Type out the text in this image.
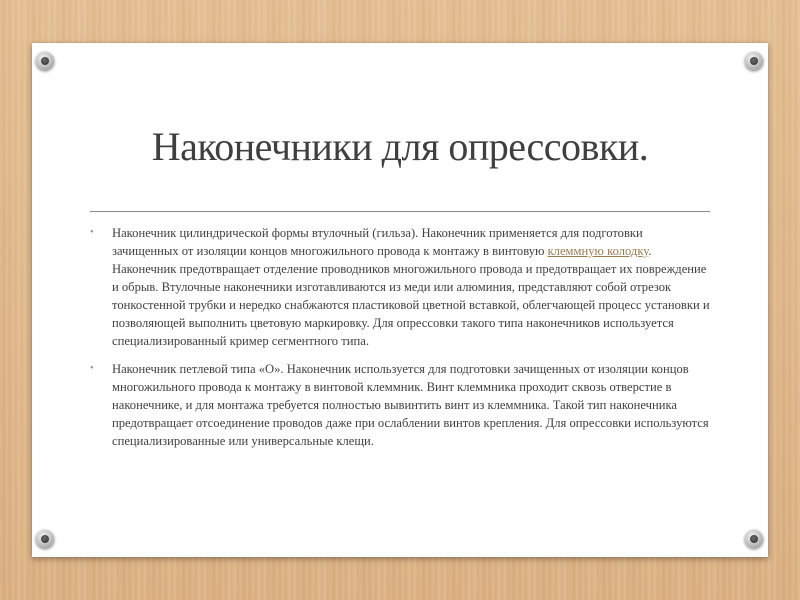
Наконечники для опрессовки.
• Наконечник цилиндрической формы втулочный (гильза). Наконечник применяется для подготовки зачищенных от изоляции концов многожильного провода к монтажу в винтовую клеммную колодку. Наконечник предотвращает отделение проводников многожильного провода и предотвращает их повреждение и обрыв. Втулочные наконечники изготавливаются из меди или алюминия, представляют собой отрезок тонкостенной трубки и нередко снабжаются пластиковой цветной вставкой, облегчающей процесс установки и позволяющей выполнить цветовую маркировку. Для опрессовки такого типа наконечников используется специализированный кример сегментного типа.
• Наконечник петлевой типа «О». Наконечник используется для подготовки зачищенных от изоляции концов многожильного провода к монтажу в винтовой клеммник. Винт клеммника проходит сквозь отверстие в наконечнике, и для монтажа требуется полностью вывинтить винт из клеммника. Такой тип наконечника предотвращает отсоединение проводов даже при ослаблении винтов крепления. Для опрессовки используются специализированные или универсальные клещи.
